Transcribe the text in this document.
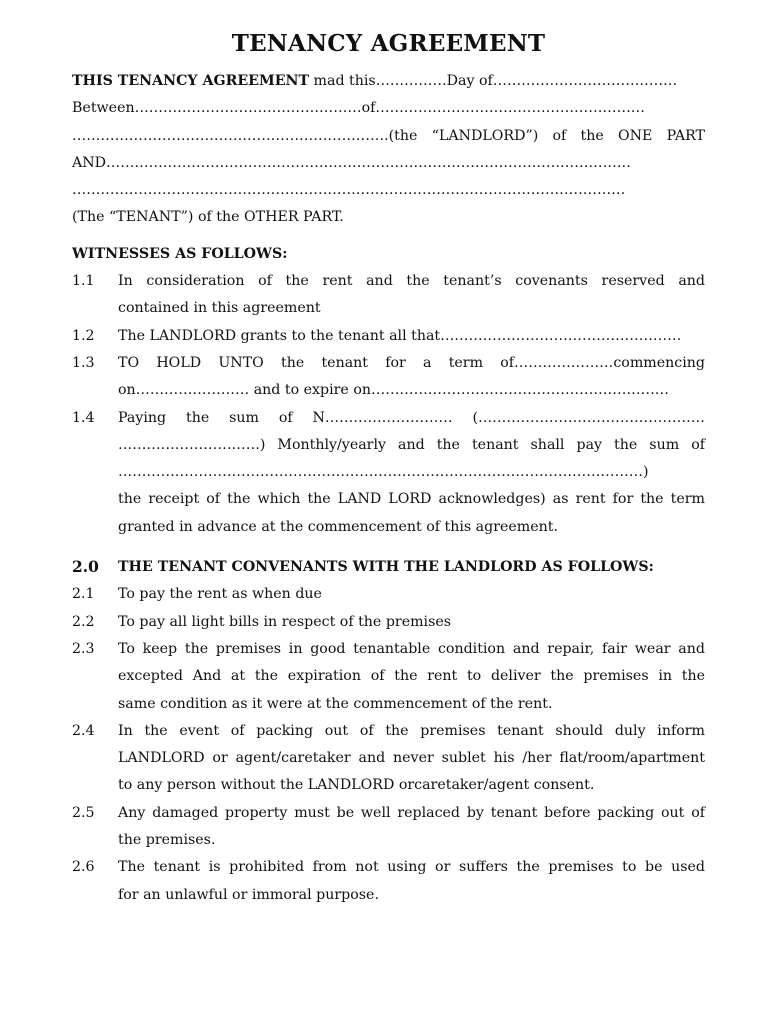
TENANCY AGREEMENT
THIS TENANCY AGREEMENT mad this……………Day of…………………………………
Between…………………………………………of…………………………………………………
………………………………………………………….(the “LANDLORD”) of the ONE PART
AND…………………………………………………………………………………………………
………………………………………………………………………………………………………
(The “TENANT”) of the OTHER PART.
WITNESSES AS FOLLOWS:
1.1	In consideration of the rent and the tenant’s covenants reserved and
contained in this agreement
1.2	The LANDLORD grants to the tenant all that……………………………………………
1.3	TO HOLD UNTO the tenant for a term of…………………commencing
on…………………… and to expire on………………………………………………………
1.4	Paying the sum of N……………………… (…………………………………………
…………………………) Monthly/yearly and the tenant shall pay the sum of
…………………………………………………………………………………………………)
the receipt of the which the LAND LORD acknowledges) as rent for the term
granted in advance at the commencement of this agreement.
2.0	THE TENANT CONVENANTS WITH THE LANDLORD AS FOLLOWS:
2.1	To pay the rent as when due
2.2	To pay all light bills in respect of the premises
2.3	To keep the premises in good tenantable condition and repair, fair wear and
excepted And at the expiration of the rent to deliver the premises in the
same condition as it were at the commencement of the rent.
2.4	In the event of packing out of the premises tenant should duly inform
LANDLORD or agent/caretaker and never sublet his /her flat/room/apartment
to any person without the LANDLORD orcaretaker/agent consent.
2.5	Any damaged property must be well replaced by tenant before packing out of
the premises.
2.6	The tenant is prohibited from not using or suffers the premises to be used
for an unlawful or immoral purpose.
